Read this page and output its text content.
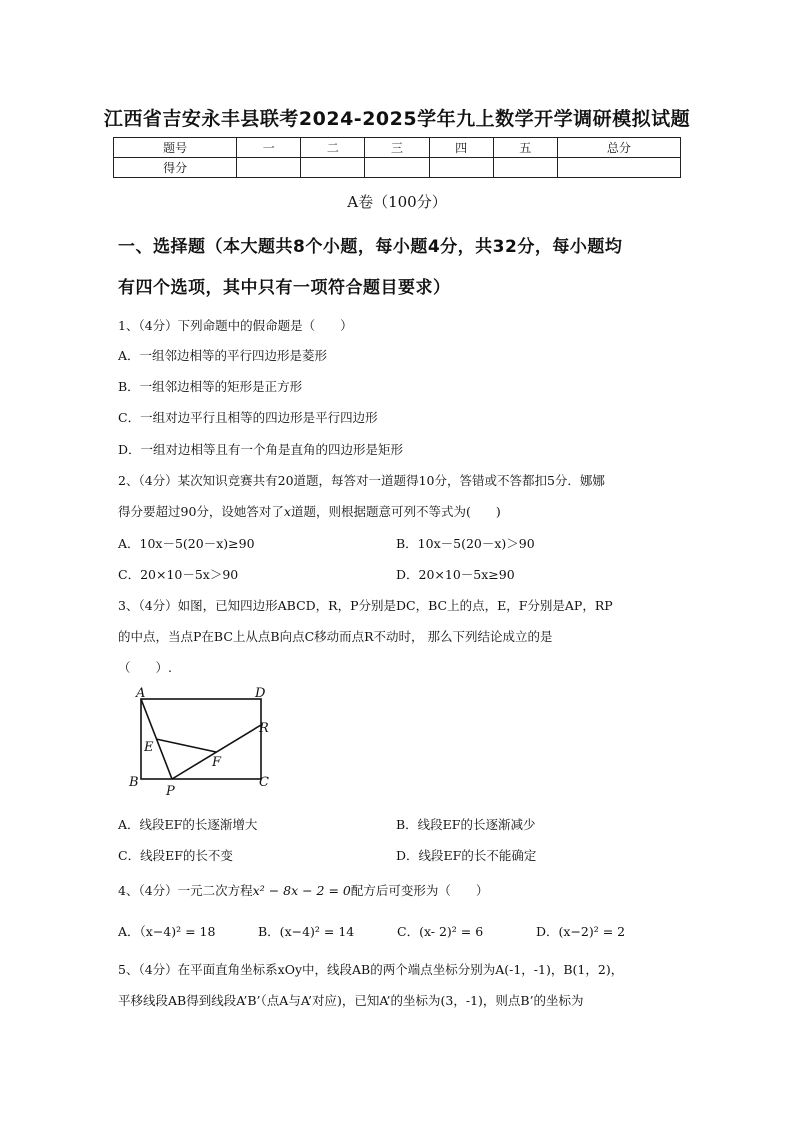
江西省吉安永丰县联考2024-2025学年九上数学开学调研模拟试题
题号	一	二	三	四	五	总分
得分						
A卷（100分）
一、选择题（本大题共8个小题，每小题4分，共32分，每小题均
有四个选项，其中只有一项符合题目要求）
1、（4分）下列命题中的假命题是（　　）
A．一组邻边相等的平行四边形是菱形
B．一组邻边相等的矩形是正方形
C．一组对边平行且相等的四边形是平行四边形
D．一组对边相等且有一个角是直角的四边形是矩形
2、（4分）某次知识竞赛共有20道题，每答对一道题得10分，答错或不答都扣5分．娜娜
得分要超过90分，设她答对了x道题，则根据题意可列不等式为(　　)
A．10x－5(20－x)≥90	B．10x－5(20－x)＞90
C．20×10－5x＞90	D．20×10－5x≥90
3、（4分）如图，已知四边形ABCD，R，P分别是DC，BC上的点，E，F分别是AP，RP
的中点，当点P在BC上从点B向点C移动而点R不动时， 那么下列结论成立的是
（　　）.
A	D
R
E
F
B
P
C
A．线段EF的长逐渐增大	B．线段EF的长逐渐减少
C．线段EF的长不变	D．线段EF的长不能确定
4、（4分）一元二次方程x² − 8x − 2 = 0配方后可变形为（　　）
A．（x−4)² = 18	B．(x−4)² = 14	C．(x- 2)² = 6	D．(x−2)² = 2
5、（4分）在平面直角坐标系xOy中，线段AB的两个端点坐标分别为A(-1，-1)，B(1，2)，
平移线段AB得到线段A’B’（点A与A’对应)，已知A’的坐标为(3，-1)，则点B’的坐标为
